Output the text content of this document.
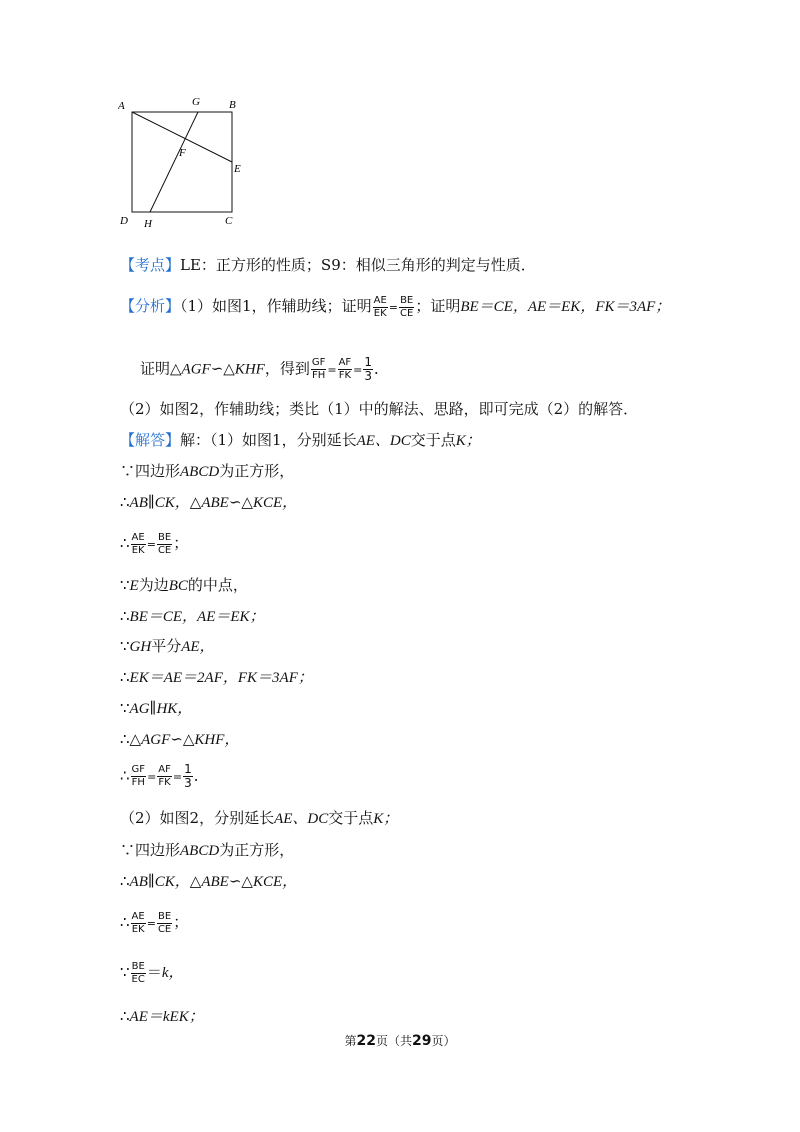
A	G	B
F
E
D H	C
【考点】LE：正方形的性质；S9：相似三角形的判定与性质．
【分析】（1）如图1，作辅助线；证明 $\frac{AE}{EK} = \frac{BE}{CE}$ ；证明BE＝CE，AE＝EK，FK＝3AF；
证明△AGF∽△KHF，得到 $\frac{GF}{FH} = \frac{AF}{FK} = \frac{1}{3}$ ．
（2）如图2，作辅助线；类比（1）中的解法、思路，即可完成（2）的解答．
【解答】解：（1）如图1，分别延长AE、DC交于点K；
∵四边形ABCD为正方形，
∴AB∥CK，△ABE∽△KCE，
∴ $\frac{AE}{EK} = \frac{BE}{CE}$ ；
∵E为边BC的中点，
∴BE＝CE，AE＝EK；
∵GH平分AE，
∴EK＝AE＝2AF，FK＝3AF；
∵AG∥HK，
∴△AGF∽△KHF，
∴ $\frac{GF}{FH} = \frac{AF}{FK} = \frac{1}{3}$ ．
（2）如图2，分别延长AE、DC交于点K；
∵四边形ABCD为正方形，
∴AB∥CK，△ABE∽△KCE，
∴ $\frac{AE}{EK} = \frac{BE}{CE}$ ；
∵ $\frac{BE}{EC} =k$，
∴AE＝kEK；
第22页（共29页）
